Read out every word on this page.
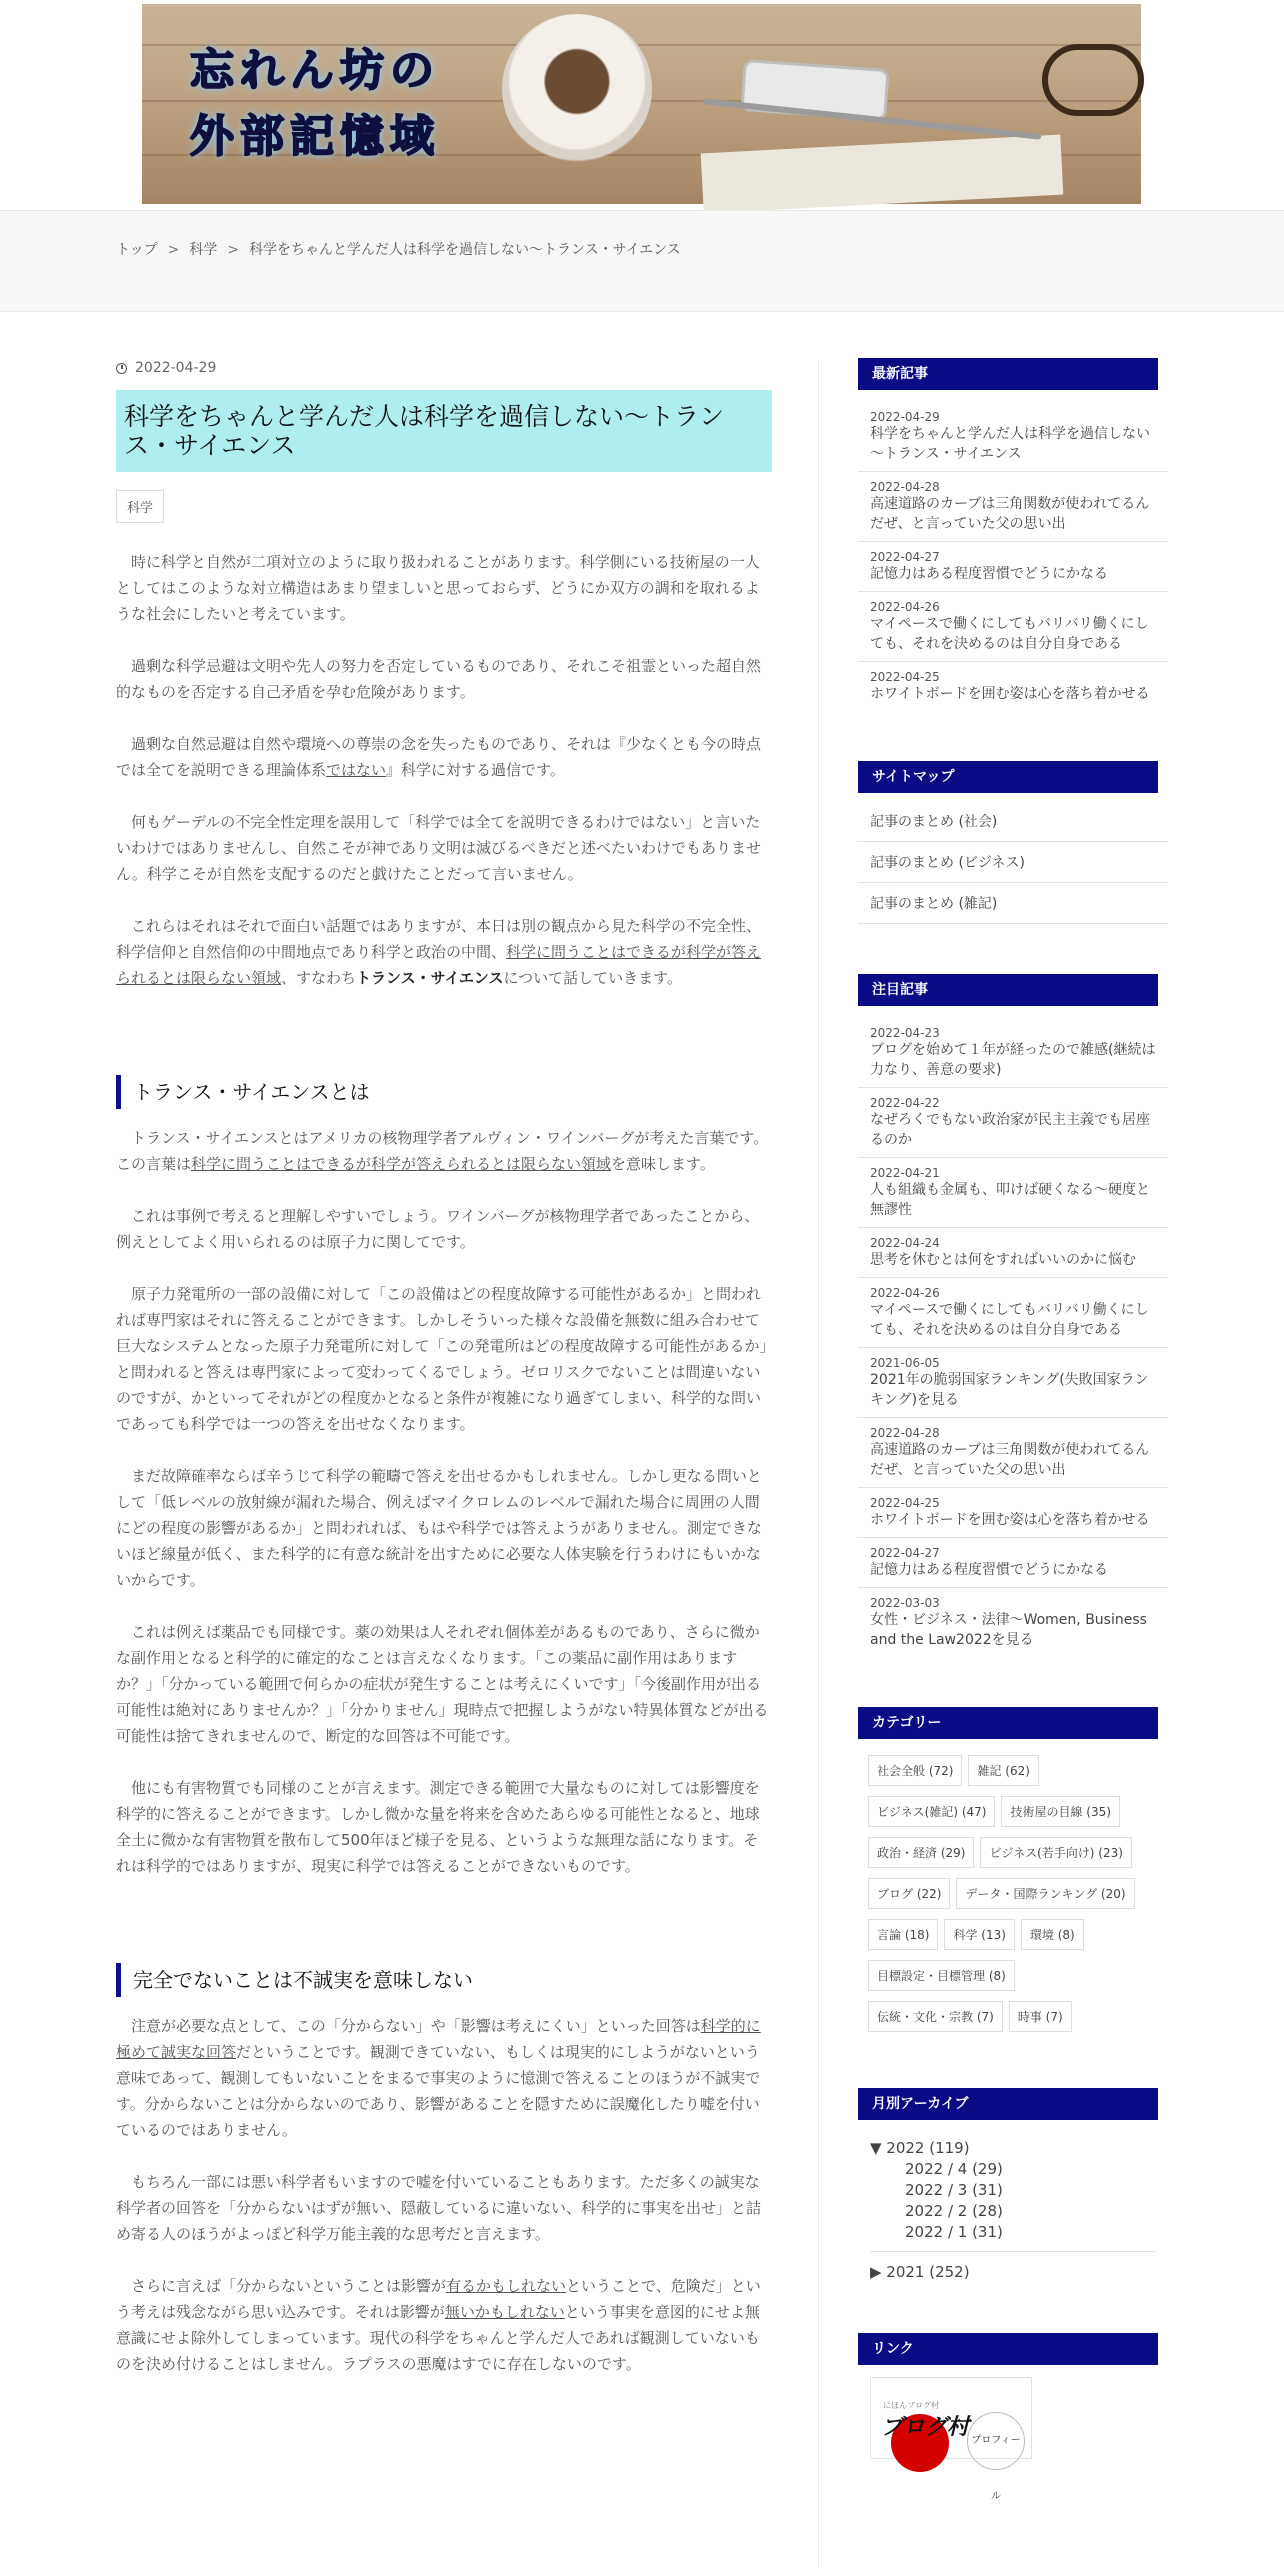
忘れん坊の
外部記憶域
トップ > 科学 > 科学をちゃんと学んだ人は科学を過信しない～トランス・サイエンス
2022-04-29
科学をちゃんと学んだ人は科学を過信しない～トランス・サイエンス
科学

時に科学と自然が二項対立のように取り扱われることがあります。科学側にいる技術屋の一人としてはこのような対立構造はあまり望ましいと思っておらず、どうにか双方の調和を取れるような社会にしたいと考えています。

過剰な科学忌避は文明や先人の努力を否定しているものであり、それこそ祖霊といった超自然的なものを否定する自己矛盾を孕む危険があります。

過剰な自然忌避は自然や環境への尊崇の念を失ったものであり、それは『少なくとも今の時点では全てを説明できる理論体系ではない』科学に対する過信です。

何もゲーデルの不完全性定理を誤用して「科学では全てを説明できるわけではない」と言いたいわけではありませんし、自然こそが神であり文明は滅びるべきだと述べたいわけでもありません。科学こそが自然を支配するのだと戯けたことだって言いません。

これらはそれはそれで面白い話題ではありますが、本日は別の観点から見た科学の不完全性、科学信仰と自然信仰の中間地点であり科学と政治の中間、科学に問うことはできるが科学が答えられるとは限らない領域、すなわちトランス・サイエンスについて話していきます。

トランス・サイエンスとは

トランス・サイエンスとはアメリカの核物理学者アルヴィン・ワインバーグが考えた言葉です。この言葉は科学に問うことはできるが科学が答えられるとは限らない領域を意味します。

これは事例で考えると理解しやすいでしょう。ワインバーグが核物理学者であったことから、例えとしてよく用いられるのは原子力に関してです。

原子力発電所の一部の設備に対して「この設備はどの程度故障する可能性があるか」と問われれば専門家はそれに答えることができます。しかしそういった様々な設備を無数に組み合わせて巨大なシステムとなった原子力発電所に対して「この発電所はどの程度故障する可能性があるか」と問われると答えは専門家によって変わってくるでしょう。ゼロリスクでないことは間違いないのですが、かといってそれがどの程度かとなると条件が複雑になり過ぎてしまい、科学的な問いであっても科学では一つの答えを出せなくなります。

まだ故障確率ならば辛うじて科学の範疇で答えを出せるかもしれません。しかし更なる問いとして「低レベルの放射線が漏れた場合、例えばマイクロレムのレベルで漏れた場合に周囲の人間にどの程度の影響があるか」と問われれば、もはや科学では答えようがありません。測定できないほど線量が低く、また科学的に有意な統計を出すために必要な人体実験を行うわけにもいかないからです。

これは例えば薬品でも同様です。薬の効果は人それぞれ個体差があるものであり、さらに微かな副作用となると科学的に確定的なことは言えなくなります。「この薬品に副作用はありますか？」「分かっている範囲で何らかの症状が発生することは考えにくいです」「今後副作用が出る可能性は絶対にありませんか？」「分かりません」現時点で把握しようがない特異体質などが出る可能性は捨てきれませんので、断定的な回答は不可能です。

他にも有害物質でも同様のことが言えます。測定できる範囲で大量なものに対しては影響度を科学的に答えることができます。しかし微かな量を将来を含めたあらゆる可能性となると、地球全土に微かな有害物質を散布して500年ほど様子を見る、というような無理な話になります。それは科学的ではありますが、現実に科学では答えることができないものです。

完全でないことは不誠実を意味しない

注意が必要な点として、この「分からない」や「影響は考えにくい」といった回答は科学的に極めて誠実な回答だということです。観測できていない、もしくは現実的にしようがないという意味であって、観測してもいないことをまるで事実のように憶測で答えることのほうが不誠実です。分からないことは分からないのであり、影響があることを隠すために誤魔化したり嘘を付いているのではありません。

もちろん一部には悪い科学者もいますので嘘を付いていることもあります。ただ多くの誠実な科学者の回答を「分からないはずが無い、隠蔽しているに違いない、科学的に事実を出せ」と詰め寄る人のほうがよっぽど科学万能主義的な思考だと言えます。

さらに言えば「分からないということは影響が有るかもしれないということで、危険だ」という考えは残念ながら思い込みです。それは影響が無いかもしれないという事実を意図的にせよ無意識にせよ除外してしまっています。現代の科学をちゃんと学んだ人であれば観測していないものを決め付けることはしません。ラプラスの悪魔はすでに存在しないのです。

最新記事
2022-04-29
科学をちゃんと学んだ人は科学を過信しない～トランス・サイエンス
2022-04-28
高速道路のカーブは三角関数が使われてるんだぜ、と言っていた父の思い出
2022-04-27
記憶力はある程度習慣でどうにかなる
2022-04-26
マイペースで働くにしてもバリバリ働くにしても、それを決めるのは自分自身である
2022-04-25
ホワイトボードを囲む姿は心を落ち着かせる
サイトマップ
記事のまとめ (社会)
記事のまとめ (ビジネス)
記事のまとめ (雑記)
注目記事
2022-04-23
ブログを始めて１年が経ったので雑感(継続は力なり、善意の要求)
2022-04-22
なぜろくでもない政治家が民主主義でも居座るのか
2022-04-21
人も組織も金属も、叩けば硬くなる～硬度と無謬性
2022-04-24
思考を休むとは何をすればいいのかに悩む
2022-04-26
マイペースで働くにしてもバリバリ働くにしても、それを決めるのは自分自身である
2021-06-05
2021年の脆弱国家ランキング(失敗国家ランキング)を見る
2022-04-28
高速道路のカーブは三角関数が使われてるんだぜ、と言っていた父の思い出
2022-04-25
ホワイトボードを囲む姿は心を落ち着かせる
2022-04-27
記憶力はある程度習慣でどうにかなる
2022-03-03
女性・ビジネス・法律～Women, Business and the Law2022を見る
カテゴリー
社会全般 (72) 雑記 (62)
ビジネス(雑記) (47) 技術屋の目線 (35)
政治・経済 (29) ビジネス(若手向け) (23)
ブログ (22) データ・国際ランキング (20)
言論 (18) 科学 (13) 環境 (8)
目標設定・目標管理 (8)
伝統・文化・宗教 (7) 時事 (7)
月別アーカイブ
▼ 2022 (119)
2022 / 4 (29)
2022 / 3 (31)
2022 / 2 (28)
2022 / 1 (31)
▶ 2021 (252)
リンク
にほんブログ村
ブログ村
プロフィール
